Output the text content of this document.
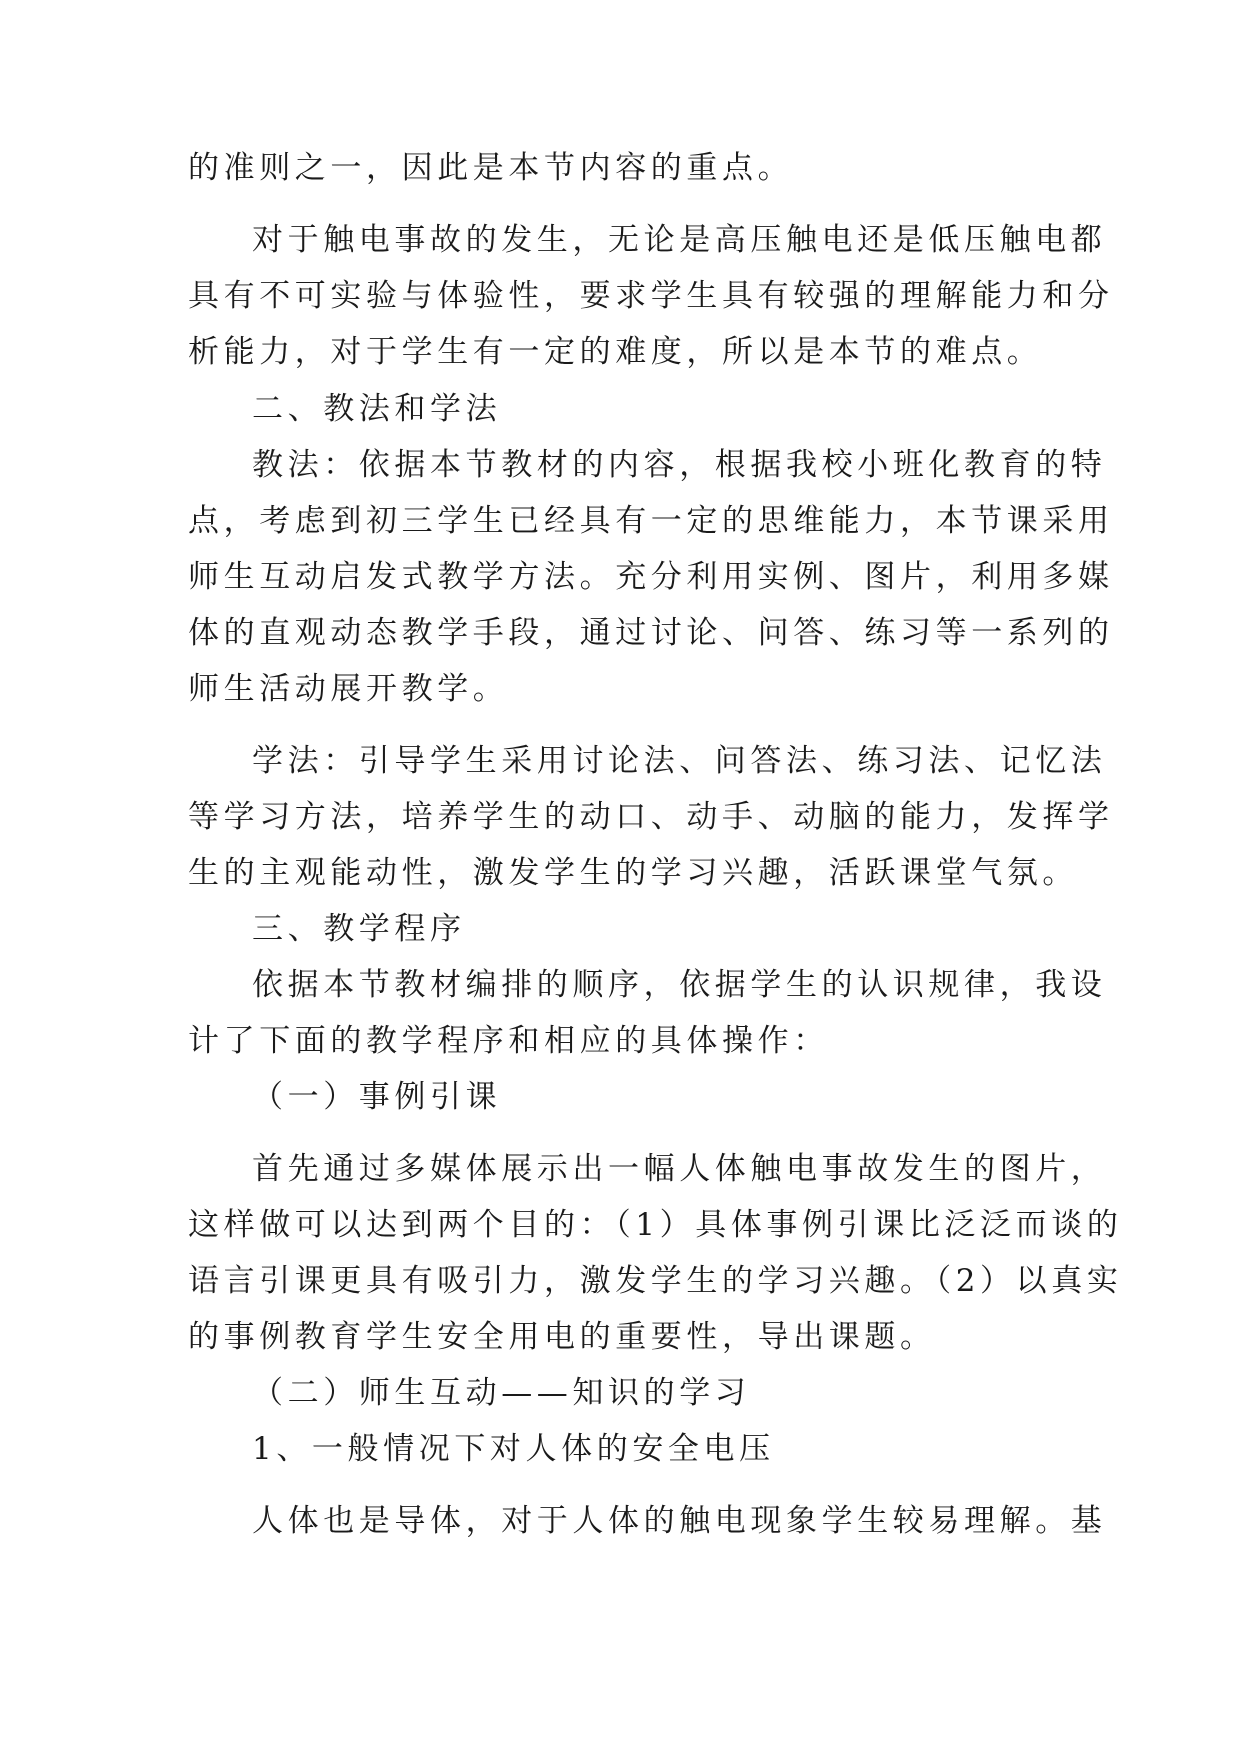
的准则之一，因此是本节内容的重点。
对于触电事故的发生，无论是高压触电还是低压触电都
具有不可实验与体验性，要求学生具有较强的理解能力和分
析能力，对于学生有一定的难度，所以是本节的难点。
二、教法和学法
教法：依据本节教材的内容，根据我校小班化教育的特
点，考虑到初三学生已经具有一定的思维能力，本节课采用
师生互动启发式教学方法。充分利用实例、图片，利用多媒
体的直观动态教学手段，通过讨论、问答、练习等一系列的
师生活动展开教学。
学法：引导学生采用讨论法、问答法、练习法、记忆法
等学习方法，培养学生的动口、动手、动脑的能力，发挥学
生的主观能动性，激发学生的学习兴趣，活跃课堂气氛。
三、教学程序
依据本节教材编排的顺序，依据学生的认识规律，我设
计了下面的教学程序和相应的具体操作：
（一）事例引课
首先通过多媒体展示出一幅人体触电事故发生的图片，
这样做可以达到两个目的：（1）具体事例引课比泛泛而谈的
语言引课更具有吸引力，激发学生的学习兴趣。（2）以真实
的事例教育学生安全用电的重要性，导出课题。
（二）师生互动——知识的学习
1、一般情况下对人体的安全电压
人体也是导体，对于人体的触电现象学生较易理解。基
